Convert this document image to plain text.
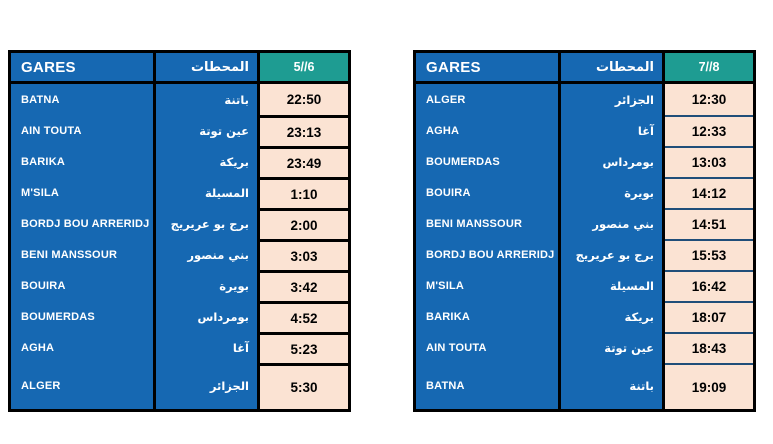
GARES
BATNA
AIN TOUTA
BARIKA
M'SILA
BORDJ BOU ARRERIDJ
BENI MANSSOUR
BOUIRA
BOUMERDAS
AGHA
ALGER
المحطات
باتنة
عين توتة
بريكة
المسيلة
برج بو عريريج
بني منصور
بويرة
بومرداس
آغا
الجزائر
5//6
22:50
23:13
23:49
1:10
2:00
3:03
3:42
4:52
5:23
5:30
GARES
ALGER
AGHA
BOUMERDAS
BOUIRA
BENI MANSSOUR
BORDJ BOU ARRERIDJ
M'SILA
BARIKA
AIN TOUTA
BATNA
المحطات
الجزائر
آغا
بومرداس
بويرة
بني منصور
برج بو عريريج
المسيلة
بريكة
عين توتة
باتنة
7//8
12:30
12:33
13:03
14:12
14:51
15:53
16:42
18:07
18:43
19:09
